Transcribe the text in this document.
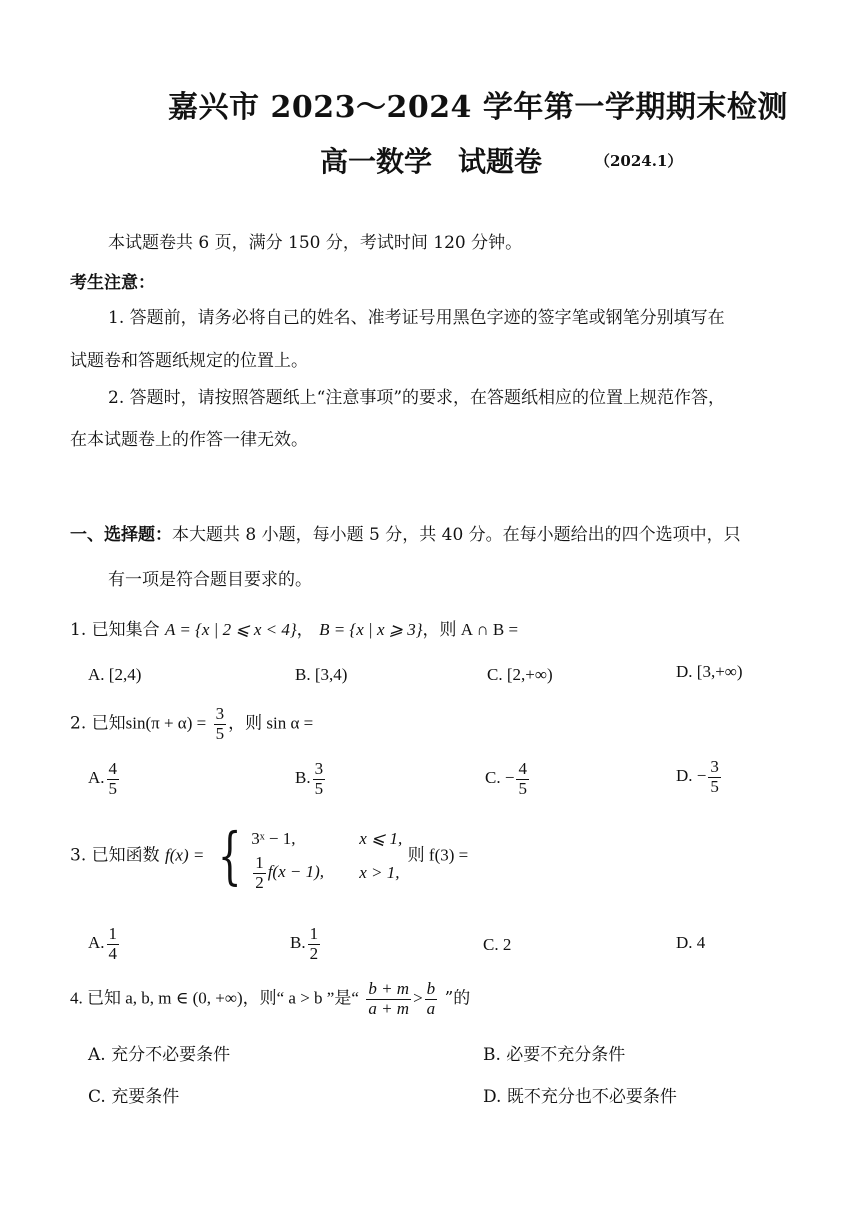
嘉兴市 2023～2024 学年第一学期期末检测
高一数学 试题卷	（2024.1）
本试题卷共 6 页，满分 150 分，考试时间 120 分钟。
考生注意：
1. 答题前，请务必将自己的姓名、准考证号用黑色字迹的签字笔或钢笔分别填写在
试题卷和答题纸规定的位置上。
2. 答题时，请按照答题纸上“注意事项”的要求，在答题纸相应的位置上规范作答，
在本试题卷上的作答一律无效。
一、选择题：本大题共 8 小题，每小题 5 分，共 40 分。在每小题给出的四个选项中，只
有一项是符合题目要求的。
1. 已知集合 A = {x | 2 ⩽ x < 4}， B = {x | x ⩾ 3}，则 A ∩ B =
A. [2,4)	B. [3,4)	C. [2,+∞)	D. [3,+∞)
2. 已知$\sin(\pi + \alpha) = \frac{3}{5}$ ，则 sin α =
A. $\frac{4}{5}$	B. $\frac{3}{5}$	C. − $\frac{4}{5}$	D. − $\frac{3}{5}$
3. 已知函数 f(x) = { 3ˣ − 1,	x ⩽ 1,
$\frac{1}{2} f(x - 1)$,	x > 1,
则 f(3) =
A. $\frac{1}{4}$	B. $\frac{1}{2}$	C. 2	D. 4
4. 已知 a, b, m ∈ (0, +∞)，则“ a > b ”是“ $\frac{b + m}{a + m} > \frac{b}{a}$ ”的
A. 充分不必要条件	B. 必要不充分条件
C. 充要条件	D. 既不充分也不必要条件
